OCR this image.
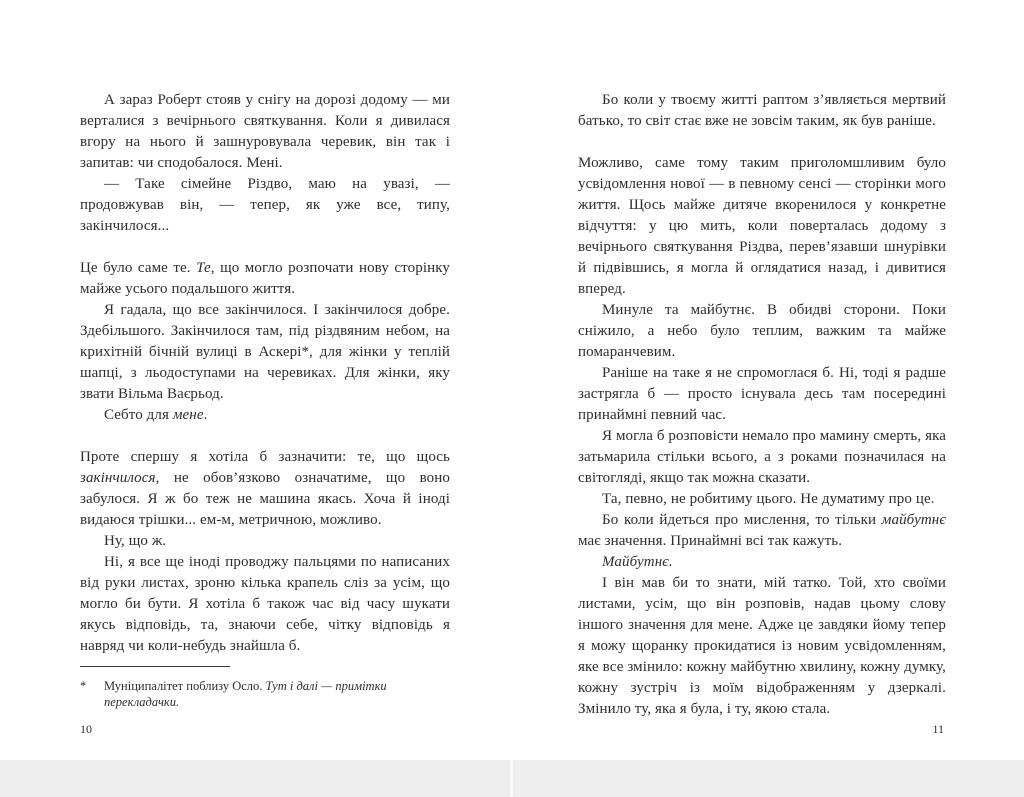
А зараз Роберт стояв у снігу на дорозі додому — ми верталися з вечірнього святкування. Коли я дивилася вгору на нього й зашнуровувала черевик, він так і запитав: чи сподобалося. Мені.

— Таке сімейне Різдво, маю на увазі, — продовжував він, — тепер, як уже все, типу, закінчилося...

Це було саме те. Те, що могло розпочати нову сторінку майже усього подальшого життя.

Я гадала, що все закінчилося. І закінчилося добре. Здебільшого. Закінчилося там, під різдвяним небом, на крихітній бічній вулиці в Аскері*, для жінки у теплій шапці, з льодоступами на черевиках. Для жінки, яку звати Вільма Ваєрьод.

Себто для мене.

Проте спершу я хотіла б зазначити: те, що щось закінчилося, не обов’язково означатиме, що воно забулося. Я ж бо теж не машина якась. Хоча й іноді видаюся трішки... ем-м, метричною, можливо.

Ну, що ж.

Ні, я все ще іноді проводжу пальцями по написаних від руки листах, зроню кілька крапель сліз за усім, що могло би бути. Я хотіла б також час від часу шукати якусь відповідь, та, знаючи себе, чітку відповідь я навряд чи коли-небудь знайшла б.

*	Муніципалітет поблизу Осло. Тут і далі — примітки перекладачки.
10

Бо коли у твоєму житті раптом з’являється мертвий батько, то світ стає вже не зовсім таким, як був раніше.

Можливо, саме тому таким приголомшливим було усвідомлення нової — в певному сенсі — сторінки мого життя. Щось майже дитяче вкоренилося у конкретне відчуття: у цю мить, коли поверталась додому з вечірнього святкування Різдва, перев’язавши шнурівки й підвівшись, я могла й оглядатися назад, і дивитися вперед.

Минуле та майбутнє. В обидві сторони. Поки сніжило, а небо було теплим, важким та майже помаранчевим.

Раніше на таке я не спромоглася б. Ні, тоді я радше застрягла б — просто існувала десь там посередині принаймні певний час.

Я могла б розповісти немало про мамину смерть, яка затьмарила стільки всього, а з роками позначилася на світогляді, якщо так можна сказати.

Та, певно, не робитиму цього. Не думатиму про це.

Бо коли йдеться про мислення, то тільки майбутнє має значення. Принаймні всі так кажуть.

Майбутнє.

І він мав би то знати, мій татко. Той, хто своїми листами, усім, що він розповів, надав цьому слову іншого значення для мене. Адже це завдяки йому тепер я можу щоранку прокидатися із новим усвідомленням, яке все змінило: кожну майбутню хвилину, кожну думку, кожну зустріч із моїм відображенням у дзеркалі. Змінило ту, яка я була, і ту, якою стала.

11
